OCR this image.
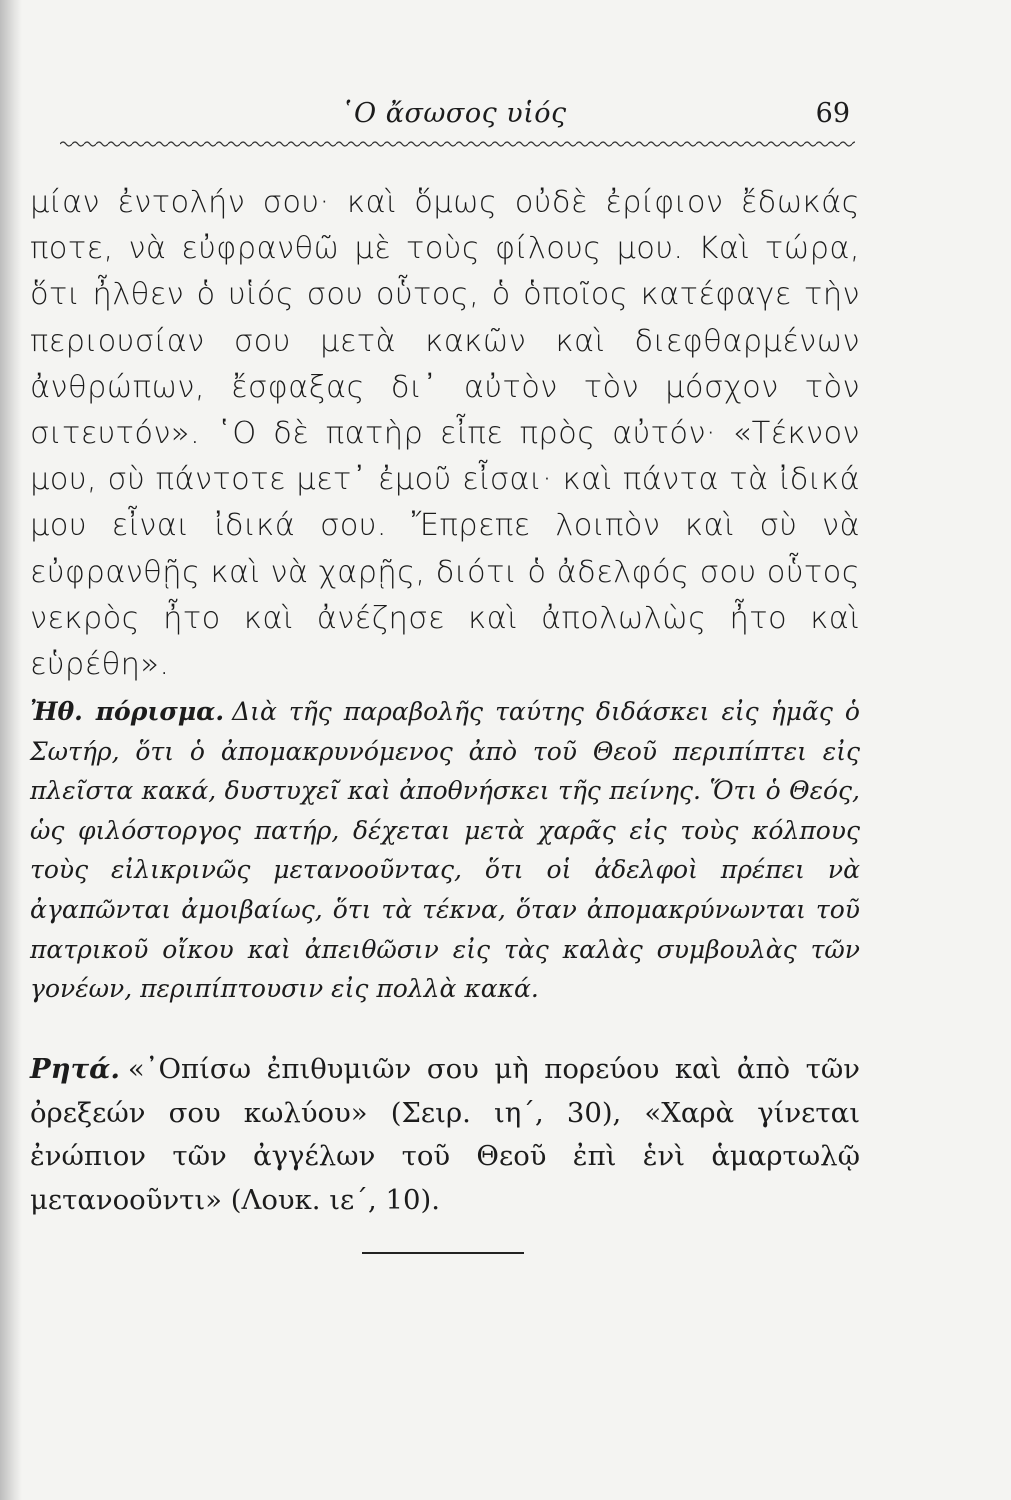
῾Ο ἄσωσος υἱός	69

μίαν ἐντολήν σου· καὶ ὅμως οὐδὲ ἐρίφιον ἔδωκάς ποτε, νὰ εὐφρανθῶ μὲ τοὺς φίλους μου. Καὶ τώρα, ὅτι ἦλθεν ὁ υἱός σου οὗτος, ὁ ὁποῖος κατέφαγε τὴν περιουσίαν σου μετὰ κακῶν καὶ διεφθαρμένων ἀνθρώπων, ἔσφαξας δι᾽ αὐτὸν τὸν μόσχον τὸν σιτευτόν». ῾Ο δὲ πατὴρ εἶπε πρὸς αὐτόν· «Τέκνον μου, σὺ πάντοτε μετ᾽ ἐμοῦ εἶσαι· καὶ πάντα τὰ ἰδικά μου εἶναι ἰδικά σου. Ἔπρεπε λοιπὸν καὶ σὺ νὰ εὐφρανθῇς καὶ νὰ χαρῇς, διότι ὁ ἀδελφός σου οὗτος νεκρὸς ἦτο καὶ ἀνέζησε καὶ ἀπολωλὼς ἦτο καὶ εὑρέθη».

Ἠθ. πόρισμα. Διὰ τῆς παραβολῆς ταύτης διδάσκει εἰς ἡμᾶς ὁ Σωτήρ, ὅτι ὁ ἀπομακρυνόμενος ἀπὸ τοῦ Θεοῦ περιπίπτει εἰς πλεῖστα κακά, δυστυχεῖ καὶ ἀποθνήσκει τῆς πείνης. Ὅτι ὁ Θεός, ὡς φιλόστοργος πατήρ, δέχεται μετὰ χαρᾶς εἰς τοὺς κόλπους τοὺς εἰλικρινῶς μετανοοῦντας, ὅτι οἱ ἀδελφοὶ πρέπει νὰ ἀγαπῶνται ἀμοιβαίως, ὅτι τὰ τέκνα, ὅταν ἀπομακρύνωνται τοῦ πατρικοῦ οἴκου καὶ ἀπειθῶσιν εἰς τὰς καλὰς συμβουλὰς τῶν γονέων, περιπίπτουσιν εἰς πολλὰ κακά.

Ρητά. «᾽Οπίσω ἐπιθυμιῶν σου μὴ πορεύου καὶ ἀπὸ τῶν ὀρεξεών σου κωλύου» (Σειρ. ιη΄, 30), «Χαρὰ γίνεται ἐνώπιον τῶν ἀγγέλων τοῦ Θεοῦ ἐπὶ ἑνὶ ἁμαρτωλῷ μετανοοῦντι» (Λουκ. ιε΄, 10).
